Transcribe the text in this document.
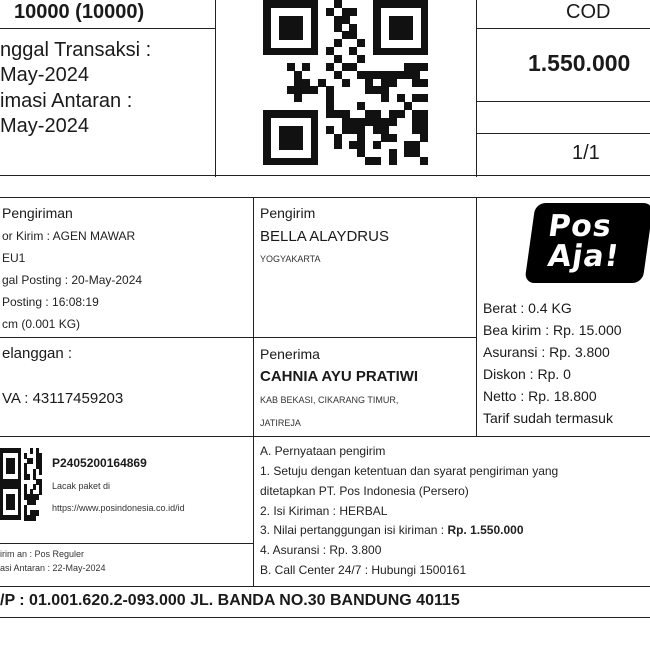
10000 (10000)
nggal Transaksi :
May-2024
imasi Antaran :
May-2024
COD
1.550.000
1/1
Pengiriman
or Kirim : AGEN MAWAR
EU1
gal Posting : 20-May-2024
Posting : 16:08:19
cm (0.001 KG)
Pengirim
BELLA ALAYDRUS
YOGYAKARTA
Pos
Aja!
elanggan :
VA : 43117459203
Penerima
CAHNIA AYU PRATIWI
KAB BEKASI, CIKARANG TIMUR,
JATIREJA
Berat : 0.4 KG
Bea kirim : Rp. 15.000
Asuransi : Rp. 3.800
Diskon : Rp. 0
Netto : Rp. 18.800
Tarif sudah termasuk
P2405200164869
Lacak paket di
https://www.posindonesia.co.id/id
irim an : Pos Reguler
asi Antaran : 22-May-2024
A. Pernyataan pengirim
1. Setuju dengan ketentuan dan syarat pengiriman yang
ditetapkan PT. Pos Indonesia (Persero)
2. Isi Kiriman : HERBAL
3. Nilai pertanggungan isi kiriman : Rp. 1.550.000
4. Asuransi : Rp. 3.800
B. Call Center 24/7 : Hubungi 1500161
/P : 01.001.620.2-093.000 JL. BANDA NO.30 BANDUNG 40115
